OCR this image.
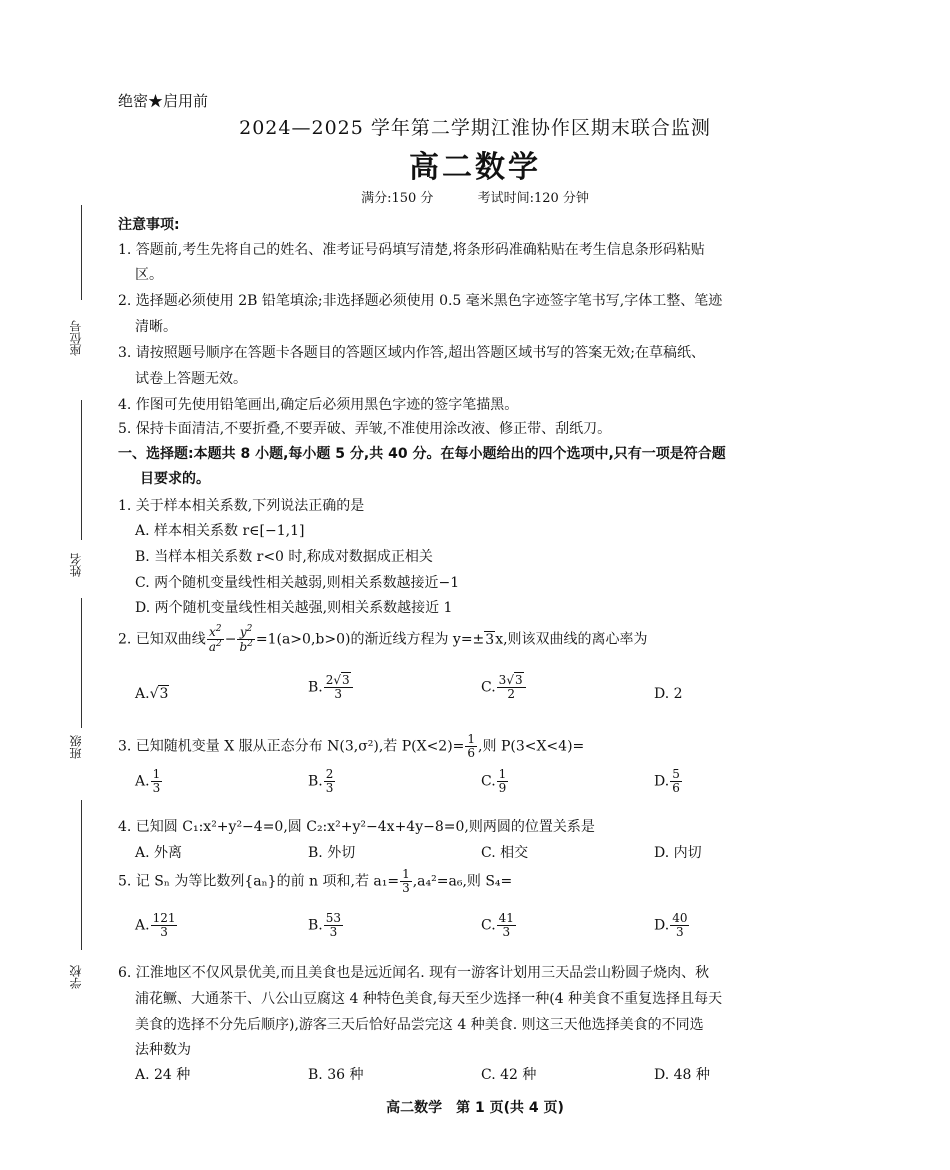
座位号
姓名
班级
学校
绝密★启用前
2024—2025 学年第二学期江淮协作区期末联合监测
高二数学
满分:150 分	考试时间:120 分钟
注意事项:
1. 答题前,考生先将自己的姓名、准考证号码填写清楚,将条形码准确粘贴在考生信息条形码粘贴
区。
2. 选择题必须使用 2B 铅笔填涂;非选择题必须使用 0.5 毫米黑色字迹签字笔书写,字体工整、笔迹
清晰。
3. 请按照题号顺序在答题卡各题目的答题区域内作答,超出答题区域书写的答案无效;在草稿纸、
试卷上答题无效。
4. 作图可先使用铅笔画出,确定后必须用黑色字迹的签字笔描黑。
5. 保持卡面清洁,不要折叠,不要弄破、弄皱,不准使用涂改液、修正带、刮纸刀。
一、选择题:本题共 8 小题,每小题 5 分,共 40 分。在每小题给出的四个选项中,只有一项是符合题
目要求的。
1. 关于样本相关系数,下列说法正确的是
A. 样本相关系数 r∈[−1,1]
B. 当样本相关系数 r<0 时,称成对数据成正相关
C. 两个随机变量线性相关越弱,则相关系数越接近−1
D. 两个随机变量线性相关越强,则相关系数越接近 1
2. 已知双曲线 $\frac{x^2}{a^2} - \frac{y^2}{b^2} =1(a>0,b>0)$的渐近线方程为 y=±3x,则该双曲线的离心率为
A.√3	B. $\frac{2√3}{3}$	C. $\frac{3√3}{2}$	D. 2
3. 已知随机变量 X 服从正态分布 N(3,σ²),若 $P(X<2)= \frac{1}{6}$ ,则 P(3<X<4)=
A. $\frac{1}{3}$	B. $\frac{2}{3}$	C. $\frac{1}{9}$	D. $\frac{5}{6}$
4. 已知圆 C₁:x²+y²−4=0,圆 C₂:x²+y²−4x+4y−8=0,则两圆的位置关系是
A. 外离	B. 外切	C. 相交	D. 内切
5. 记 Sₙ 为等比数列{aₙ}的前 n 项和,若 $a_1= \frac{1}{3} ,a_4^2=a_6$,则 S₄=
A. $\frac{121}{3}$	B. $\frac{53}{3}$	C. $\frac{41}{3}$	D. $\frac{40}{3}$
6. 江淮地区不仅风景优美,而且美食也是远近闻名. 现有一游客计划用三天品尝山粉圆子烧肉、秋
浦花鳜、大通茶干、八公山豆腐这 4 种特色美食,每天至少选择一种(4 种美食不重复选择且每天
美食的选择不分先后顺序),游客三天后恰好品尝完这 4 种美食. 则这三天他选择美食的不同选
法种数为
A. 24 种	B. 36 种	C. 42 种	D. 48 种
高二数学　第 1 页(共 4 页)
